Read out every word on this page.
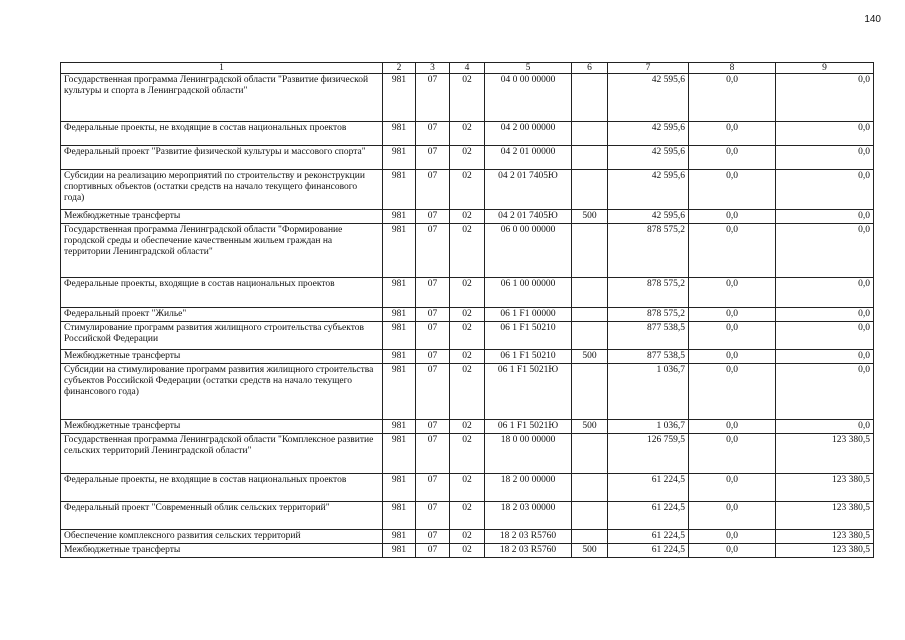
140
1	2	3	4	5	6	7	8	9
Государственная программа Ленинградской области "Развитие физической культуры и спорта в Ленинградской области"	981	07	02	04 0 00 00000		42 595,6	0,0	0,0
Федеральные проекты, не входящие в состав национальных проектов	981	07	02	04 2 00 00000		42 595,6	0,0	0,0
Федеральный проект "Развитие физической культуры и массового спорта"	981	07	02	04 2 01 00000		42 595,6	0,0	0,0
Субсидии на реализацию мероприятий по строительству и реконструкции спортивных объектов (остатки средств на начало текущего финансового года)	981	07	02	04 2 01 7405Ю		42 595,6	0,0	0,0
Межбюджетные трансферты	981	07	02	04 2 01 7405Ю	500	42 595,6	0,0	0,0
Государственная программа Ленинградской области "Формирование городской среды и обеспечение качественным жильем граждан на территории Ленинградской области"	981	07	02	06 0 00 00000		878 575,2	0,0	0,0
Федеральные проекты, входящие в состав национальных проектов	981	07	02	06 1 00 00000		878 575,2	0,0	0,0
Федеральный проект "Жилье"	981	07	02	06 1 F1 00000		878 575,2	0,0	0,0
Стимулирование программ развития жилищного строительства субъектов Российской Федерации	981	07	02	06 1 F1 50210		877 538,5	0,0	0,0
Межбюджетные трансферты	981	07	02	06 1 F1 50210	500	877 538,5	0,0	0,0
Субсидии на стимулирование программ развития жилищного строительства субъектов Российской Федерации (остатки средств на начало текущего финансового года)	981	07	02	06 1 F1 5021Ю		1 036,7	0,0	0,0
Межбюджетные трансферты	981	07	02	06 1 F1 5021Ю	500	1 036,7	0,0	0,0
Государственная программа Ленинградской области "Комплексное развитие сельских территорий Ленинградской области"	981	07	02	18 0 00 00000		126 759,5	0,0	123 380,5
Федеральные проекты, не входящие в состав национальных проектов	981	07	02	18 2 00 00000		61 224,5	0,0	123 380,5
Федеральный проект "Современный облик сельских территорий"	981	07	02	18 2 03 00000		61 224,5	0,0	123 380,5
Обеспечение комплексного развития сельских территорий	981	07	02	18 2 03 R5760		61 224,5	0,0	123 380,5
Межбюджетные трансферты	981	07	02	18 2 03 R5760	500	61 224,5	0,0	123 380,5
